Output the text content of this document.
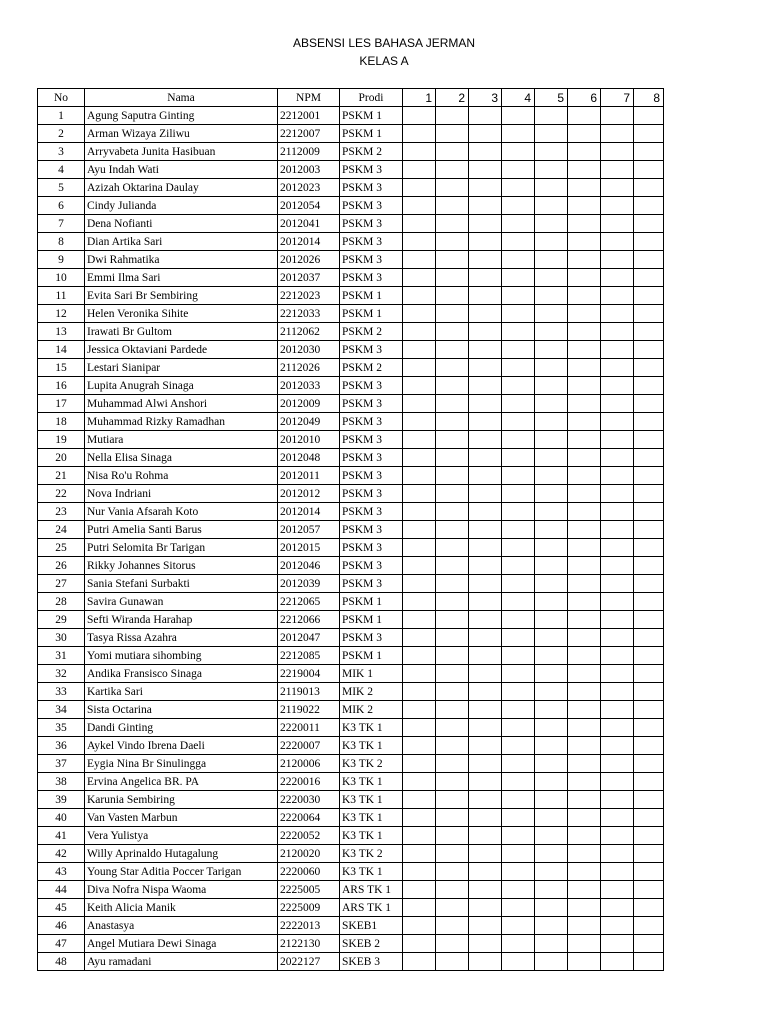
ABSENSI LES BAHASA JERMAN
KELAS A
No	Nama	NPM	Prodi	1	2	3	4	5	6	7	8
1	Agung Saputra Ginting	2212001	PSKM 1								
2	Arman Wizaya Ziliwu	2212007	PSKM 1								
3	Arryvabeta Junita Hasibuan	2112009	PSKM 2								
4	Ayu Indah Wati	2012003	PSKM 3								
5	Azizah Oktarina Daulay	2012023	PSKM 3								
6	Cindy Julianda	2012054	PSKM 3								
7	Dena Nofianti	2012041	PSKM 3								
8	Dian Artika Sari	2012014	PSKM 3								
9	Dwi Rahmatika	2012026	PSKM 3								
10	Emmi Ilma Sari	2012037	PSKM 3								
11	Evita Sari Br Sembiring	2212023	PSKM 1								
12	Helen Veronika Sihite	2212033	PSKM 1								
13	Irawati Br Gultom	2112062	PSKM 2								
14	Jessica Oktaviani Pardede	2012030	PSKM 3								
15	Lestari Sianipar	2112026	PSKM 2								
16	Lupita Anugrah Sinaga	2012033	PSKM 3								
17	Muhammad Alwi Anshori	2012009	PSKM 3								
18	Muhammad Rizky Ramadhan	2012049	PSKM 3								
19	Mutiara	2012010	PSKM 3								
20	Nella Elisa Sinaga	2012048	PSKM 3								
21	Nisa Ro'u Rohma	2012011	PSKM 3								
22	Nova Indriani	2012012	PSKM 3								
23	Nur Vania Afsarah Koto	2012014	PSKM 3								
24	Putri Amelia Santi Barus	2012057	PSKM 3								
25	Putri Selomita Br Tarigan	2012015	PSKM 3								
26	Rikky Johannes Sitorus	2012046	PSKM 3								
27	Sania Stefani Surbakti	2012039	PSKM 3								
28	Savira Gunawan	2212065	PSKM 1								
29	Sefti Wiranda Harahap	2212066	PSKM 1								
30	Tasya Rissa Azahra	2012047	PSKM 3								
31	Yomi mutiara sihombing	2212085	PSKM 1								
32	Andika Fransisco Sinaga	2219004	MIK 1								
33	Kartika Sari	2119013	MIK 2								
34	Sista Octarina	2119022	MIK 2								
35	Dandi Ginting	2220011	K3 TK 1								
36	Aykel Vindo Ibrena Daeli	2220007	K3 TK 1								
37	Eygia Nina Br Sinulingga	2120006	K3 TK 2								
38	Ervina Angelica BR. PA	2220016	K3 TK 1								
39	Karunia Sembiring	2220030	K3 TK 1								
40	Van Vasten Marbun	2220064	K3 TK 1								
41	Vera Yulistya	2220052	K3 TK 1								
42	Willy Aprinaldo Hutagalung	2120020	K3 TK 2								
43	Young Star Aditia Poccer Tarigan	2220060	K3 TK 1								
44	Diva Nofra Nispa Waoma	2225005	ARS TK 1								
45	Keith Alicia Manik	2225009	ARS TK 1								
46	Anastasya	2222013	SKEB1								
47	Angel Mutiara Dewi Sinaga	2122130	SKEB 2								
48	Ayu ramadani	2022127	SKEB 3								
